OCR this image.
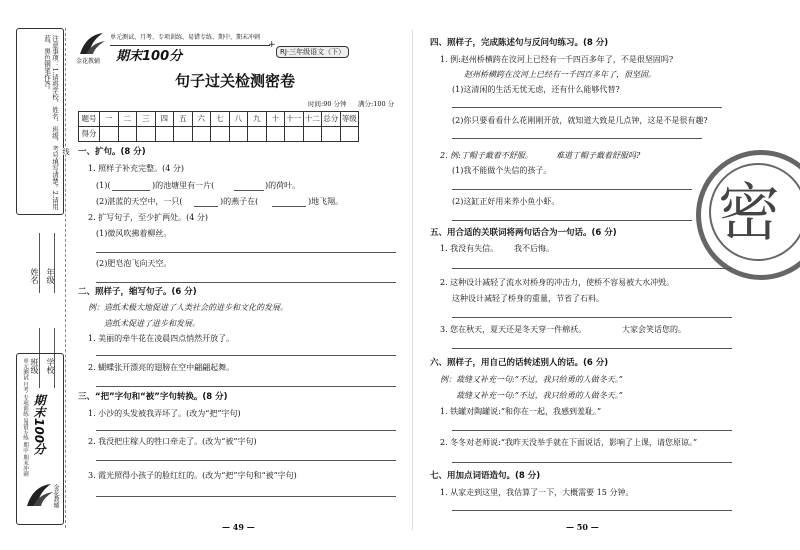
注意事项：1.请将学校、姓名、班级、考号填写清楚。2.请用蓝、黑色钢笔作答。
学校
班级
年级
姓名
线
单元测试 月考 专项训练 易错专练 期中 期末冲刺 期末100分
金花教辅
金花教辅
单元测试、月考、专项训练、易错专练、期中、期末冲刺
期末100分
+
RJ·三年级语文（下）
句子过关检测密卷
时间:90 分钟 满分:100 分
题号	一	二	三	四	五	六	七	八	九	十	十一	十二	总分	等级
得分														
一、扩句。(8 分)
1. 照样子补充完整。(4 分)
(1)(	)的池塘里有一片(	)的荷叶。
(2)湛蓝的天空中，一只(	)的燕子在(	)地飞翔。
2. 扩写句子，至少扩两处。(4 分)
(1)微风吹拂着柳丝。
(2)肥皂泡飞向天空。
二、照样子，缩写句子。(6 分)
例：造纸术极大地促进了人类社会的进步和文化的发展。
造纸术促进了进步和发展。
1. 美丽的牵牛花在凌晨四点悄然开放了。
2. 蝴蝶张开漂亮的翅膀在空中翩翩起舞。
三、“把”字句和“被”字句转换。(8 分)
1. 小沙的头发被我弄坏了。(改为“把”字句)
2. 我没把庄稼人的牲口牵走了。(改为“被”字句)
3. 霞光照得小孩子的脸红红的。(改为“把”字句和“被”字句)
— 49 —
密
四、照样子，完成陈述句与反问句练习。(8 分)
1. 例:赵州桥横跨在洨河上已经有一千四百多年了，不是很坚固吗?
赵州桥横跨在洨河上已经有一千四百多年了，很坚固。
(1)这清闲的生活无忧无虑，还有什么能够代替?
(2)你只要看看什么花刚刚开放，就知道大致是几点钟，这是不是很有趣?
2. 例:丁帽子戴着不舒服。	难道丁帽子戴着舒服吗?
(1)我不能做个失信的孩子。
(2)这缸正好用来养小鱼小虾。
五、用合适的关联词将两句话合为一句话。(6 分)
1. 我没有失信。 我不后悔。
2. 这种设计减轻了流水对桥身的冲击力，使桥不容易被大水冲毁。
这种设计减轻了桥身的重量，节省了石料。
3. 您在秋天，夏天还是冬天穿一件棉袄。	大家会笑话您的。
六、照样子，用自己的话转述别人的话。(6 分)
例：裁缝又补充一句:“不过，我只给勇的人做冬天。”
裁缝又补充一句:“不过，我只给勇的人做冬天。”
1. 铁罐对陶罐说:“和你在一起，我感到羞耻。”
2. 冬冬对老师说:“我昨天没举手就在下面说话，影响了上课，请您原谅。”
七、用加点词语造句。(8 分)
1. 从家走到这里，我估算了一下，大概需要 15 分钟。
— 50 —
